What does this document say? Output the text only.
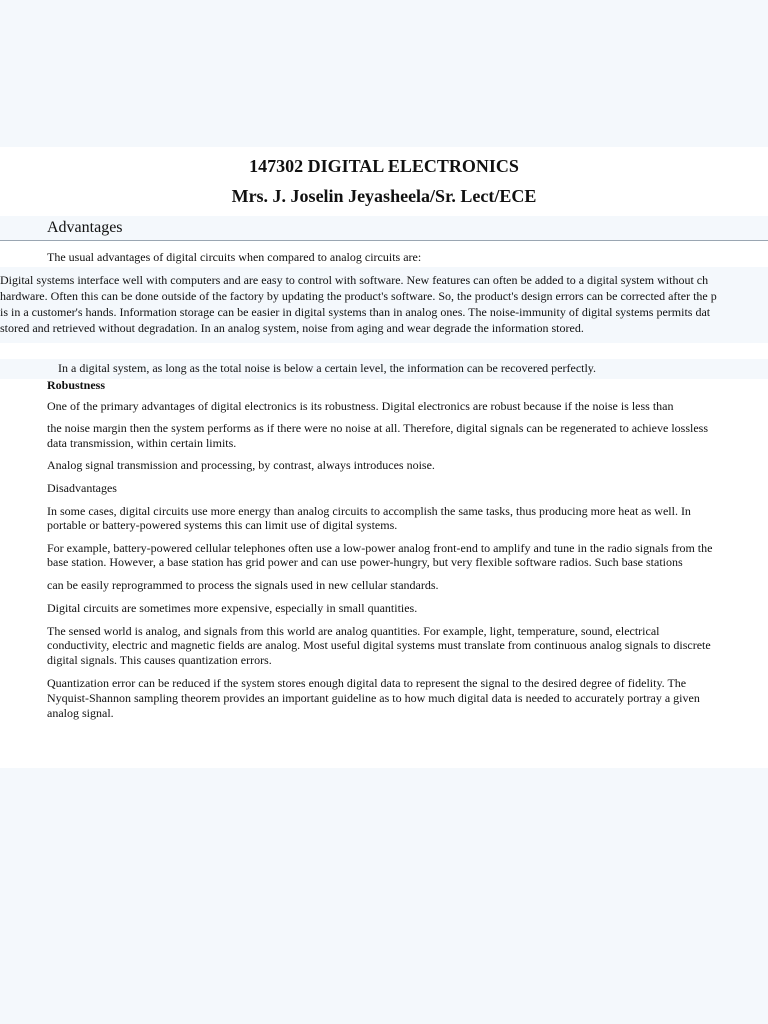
147302 DIGITAL ELECTRONICS
Mrs. J. Joselin Jeyasheela/Sr. Lect/ECE
Advantages

The usual advantages of digital circuits when compared to analog circuits are:

Digital systems interface well with computers and are easy to control with software. New features can often be added to a digital system without ch

hardware. Often this can be done outside of the factory by updating the product's software. So, the product's design errors can be corrected after the p

is in a customer's hands. Information storage can be easier in digital systems than in analog ones. The noise-immunity of digital systems permits dat

stored and retrieved without degradation. In an analog system, noise from aging and wear degrade the information stored.

In a digital system, as long as the total noise is below a certain level, the information can be recovered perfectly.

Robustness

One of the primary advantages of digital electronics is its robustness. Digital electronics are robust because if the noise is less than

the noise margin then the system performs as if there were no noise at all. Therefore, digital signals can be regenerated to achieve lossless

data transmission, within certain limits.

Analog signal transmission and processing, by contrast, always introduces noise.

Disadvantages

In some cases, digital circuits use more energy than analog circuits to accomplish the same tasks, thus producing more heat as well. In

portable or battery-powered systems this can limit use of digital systems.

For example, battery-powered cellular telephones often use a low-power analog front-end to amplify and tune in the radio signals from the

base station. However, a base station has grid power and can use power-hungry, but very flexible software radios. Such base stations

can be easily reprogrammed to process the signals used in new cellular standards.

Digital circuits are sometimes more expensive, especially in small quantities.

The sensed world is analog, and signals from this world are analog quantities. For example, light, temperature, sound, electrical

conductivity, electric and magnetic fields are analog. Most useful digital systems must translate from continuous analog signals to discrete

digital signals. This causes quantization errors.

Quantization error can be reduced if the system stores enough digital data to represent the signal to the desired degree of fidelity. The

Nyquist-Shannon sampling theorem provides an important guideline as to how much digital data is needed to accurately portray a given

analog signal.
